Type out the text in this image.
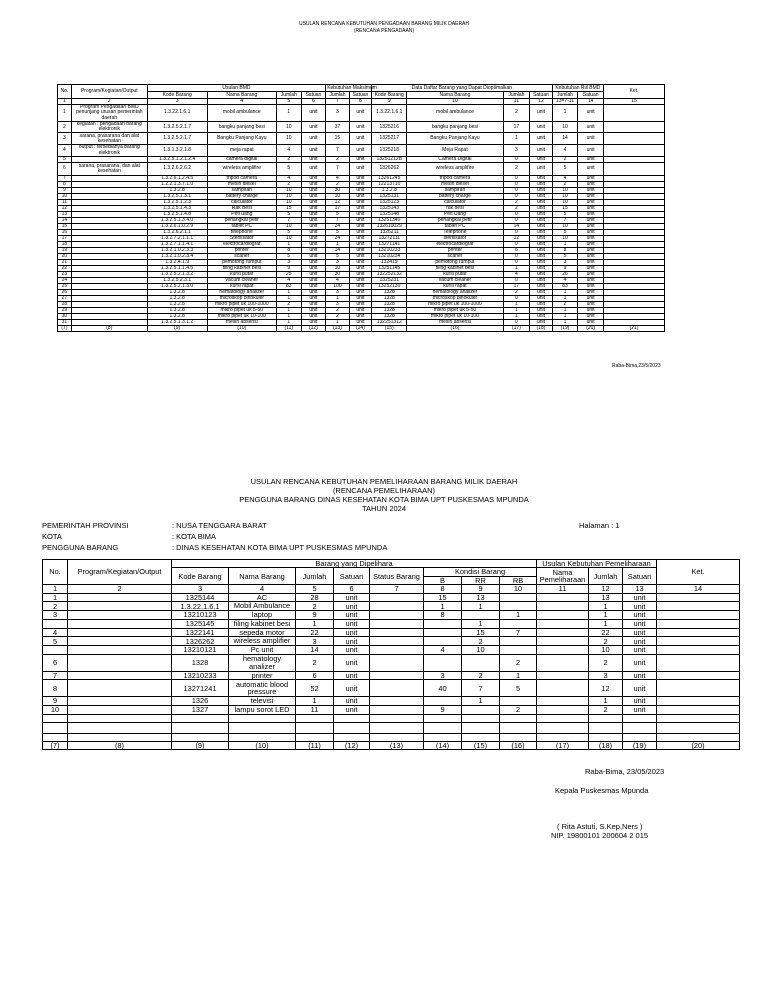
USULAN RENCANA KEBUTUHAN PENGADAAN BARANG MILIK DAERAH
(RENCANA PENGADAAN)
No.	Program/Kegiatan/Output	Usulan BMD				Kebutuhan Maksimum		Data Daftar Barang yang Dapat Dioptimalkan				Kebutuhan Riil BMD		Ket.
		Kode Barang	Nama Barang	Jumlah	Satuan	Jumlah	Satuan	Kode Barang	Nama Barang	Jumlah	Satuan	Jumlah	Satuan	
1	2	3	4	5	6	7	8	9	10	11	12	13=7-11	14	15
1	Program Pengadaan BMD penunjang urusan pemerintah daerah	1.3.22.1.6.1	mobil ambulance	1	unit	3	unit	1.3.22.1.6.1	mobil ambulance	2	unit	1	unit	
2	kegiatan : pengadaan barang elektronik	1.3.2.5.2.1.7	bangku panjang besi	10	unit	37	unit	1325216	bangku panjang besi	17	unit	10	unit	
3	sarana, prasarana dan alat kesehatan	1.3.2.5.2.1.7	Bangku Panjang Kayu	10	unit	15	unit	1325217	Bangku Panjang Kayu	1	unit	14	unit	
4	output : tersedianya barang elektronik	1.3.1.3.2.1.8	meja rapat	4	unit	7	unit	1325218	Meja Rapat	3	unit	4	unit	
5		1.3.2.5.1.2.1.2.4	camera digital	2	unit	2	unit	13251212B	Camera Digital	0	unit	2	unit	
6	sarana, prasarana, dan alat kesehatan	1.3.2.6.2.6.2	wireless amplifire	5	unit	7	unit	1326262	wireless amplifire	2	unit	5	unit	
7		1.3.2.6.1.2.4.5	tripod camera	4	unit	4	unit	13261245	tripod camera	0	unit	4	unit	
8		1.2.2.1.3.7.1.0	mesin diesel	2	unit	2	unit	12213710	mesin diesel	0	unit	2	unit	
9		1.3.2.8	sampiran	10	unit	30	unit	1.3.2.8	sampiran	0	unit	10	unit	
10		1.3.2.5.1.3.1	battery charge	10	unit	10	unit	1325131	battery charge	0	unit	10	unit	
11		1.3.2.5.1.2.3	calculator	10	unit	12	unit	1325123	calculator	2	unit	10	unit	
12		1.3.2.5.1.4.3	Rak Besi	15	unit	17	unit	1325143	rak besi	2	unit	15	unit	
13		1.3.2.5.1.4.8	Peti uang	5	unit	5	unit	1325148	Peti Uang	0	unit	5	unit	
14		1.3.2.5.1.3.4.0	penangkal petir	7	unit	7	unit	13251340	penangkal petir	0	unit	7	unit	
15		1.3.2.6.1.0.2.9	tablet PC	10	unit	24	unit	132610029	tablet PC	14	unit	10	unit	
16		1.3.2.6.2.1.1	telephone	5	unit	5	unit	1326211	Telephone	0	unit	5	unit	
17		1.3.2.7.2.1.1.1	Sterilisator	10	unit	24	unit	13272111	sterilisator	12	unit	10	unit	
18		1.3.2.7.1.1.4.1	electrocardiograf	1	unit	1	unit	13271141	electrocardiograf	0	unit	1	unit	
19		1.3.2.1.0.2.3.3	printer	8	unit	14	unit	13210233	printer	6	unit	8	unit	
20		1.3.2.1.0.2.3.4	scaner	5	unit	5	unit	13210234	scaner	0	unit	5	unit	
21		1.3.2.4.1.9	pemotong rumput	3	unit	3	unit	132419	pemotong rumput	0	unit	3	unit	
22		1.3.2.5.1.1.4.5	filing kabinet besi	9	unit	10	unit	13251145	filing kabinet besi	1	unit	9	unit	
23		1.3.2.5.2.1.3.2	kursi putar	25	unit	30	unit	132252132	kursi putar	4	unit	26	unit	
24		1.3.2.5.2.3.1	vacum cleaner	4	unit	4	unit	1325231	vacum cleaner	0	unit	4	unit	
25		1.3.2.5.2.1.3.0	kursi rapat	83	unit	100	unit	13252130	kursi rapat	17	unit	83	unit	
26		1.3.2.8	hematology analizer	1	unit	3	unit	1328	hematology analizer	2	unit	1	unit	
27		1.3.2.8	microskop binokuler	1	unit	1	unit	1328	microskop binokuler	0	unit	1	unit	
28		1.3.2.8	mikro pipet uk 100-1000	2	unit	3	unit	1328	mikro pipet uk 100-1000	1	unit	2	unit	
29		1.3.2.8	mikro pipet uk 5-50	1	unit	2	unit	1328	mikro pipet uk 5-50	1	unit	1	unit	
30		1.3.2.8	mikro pipet uk 10-100	1	unit	2	unit	1328	mikro pipet uk 10-100	1	unit	1	unit	
31		1.3.2.5.1.3.1.2	mesin absensi	1	unit	1	unit	132251312	mesin absensi	0	unit	1	unit	
(7)	(8)	(9)	(10)	(11)	(12)	(13)	(14)	(15)	(16)	(17)	(18)	(19)	(20)	(21)
Raba-Bima,23/5/2023
USULAN RENCANA KEBUTUHAN PEMELIHARAAN BARANG MILIK DAERAH
(RENCANA PEMELIHARAAN)
PENGGUNA BARANG DINAS KESEHATAN KOTA BIMA UPT PUSKESMAS MPUNDA
TAHUN 2024
PEMERINTAH PROVINSI	: NUSA TENGGARA BARAT
KOTA	: KOTA BIMA
PENGGUNA BARANG	: DINAS KESEHATAN KOTA BIMA UPT PUSKESMAS MPUNDA
Halaman : 1
No.	Program/Kegiatan/Output	Barang yang Dipelihara								Usulan Kebutuhan Pemeliharaan			Ket.
		Kode Barang	Nama Barang	Jumlah	Satuan	Status Barang	Kondisi Barang			Nama Pemeliharaan	Jumlah	Satuan	
							B	RR	RB				
1	2	3	4	5	6	7	8	9	10	11	12	13	14
1		1325144	AC	28	unit		15	13			13	unit	
2		1.3.22.1.6.1	Mobil Ambulance	2	unit		1	1			1	unit	
3		13210123	laptop	9	unit		8		1		1	unit	
		1325145	filing kabinet besi	1	unit			1			1	unit	
4		1322141	sepeda motor	22	unit			15	7		22	unit	
5		1326262	wireless amplifier	3	unit			2			2	unit	
		13210121	Pc unit	14	unit		4	10			10	unit	
6		1328	hematology analizer	2	unit				2		2	unit	
7		13210233	printer	6	unit		3	2	1		3	unit	
8		13271241	automatic blood pressure	52	unit		40	7	5		12	unit	
9		1326	televisi	1	unit			1			1	unit	
10		1327	lampu sorot LED	11	unit		9		2		2	unit	

(7)	(8)	(9)	(10)	(11)	(12)	(13)	(14)	(15)	(16)	(17)	(18)	(19)	(20)
Raba-Bima, 23/05/2023
Kepala Puskesmas Mpunda
( Rita Astuti, S.Kep,Ners )
NIP. 19800101 200604 2 015
